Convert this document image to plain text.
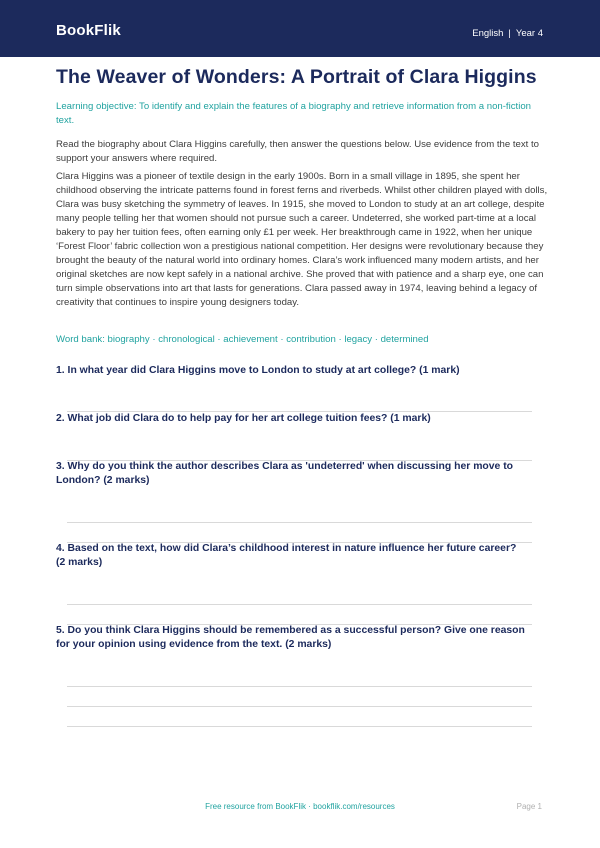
BookFlik	English | Year 4
The Weaver of Wonders: A Portrait of Clara Higgins
Learning objective: To identify and explain the features of a biography and retrieve information from a non-fiction text.
Read the biography about Clara Higgins carefully, then answer the questions below. Use evidence from the text to support your answers where required.
Clara Higgins was a pioneer of textile design in the early 1900s. Born in a small village in 1895, she spent her childhood observing the intricate patterns found in forest ferns and riverbeds. Whilst other children played with dolls, Clara was busy sketching the symmetry of leaves. In 1915, she moved to London to study at an art college, despite many people telling her that women should not pursue such a career. Undeterred, she worked part-time at a local bakery to pay her tuition fees, often earning only £1 per week. Her breakthrough came in 1922, when her unique ‘Forest Floor’ fabric collection won a prestigious national competition. Her designs were revolutionary because they brought the beauty of the natural world into ordinary homes. Clara’s work influenced many modern artists, and her original sketches are now kept safely in a national archive. She proved that with patience and a sharp eye, one can turn simple observations into art that lasts for generations. Clara passed away in 1974, leaving behind a legacy of creativity that continues to inspire young designers today.
Word bank: biography · chronological · achievement · contribution · legacy · determined
1. In what year did Clara Higgins move to London to study at art college? (1 mark)
2. What job did Clara do to help pay for her art college tuition fees? (1 mark)
3. Why do you think the author describes Clara as 'undeterred' when discussing her move to London? (2 marks)
4. Based on the text, how did Clara’s childhood interest in nature influence her future career? (2 marks)
5. Do you think Clara Higgins should be remembered as a successful person? Give one reason for your opinion using evidence from the text. (2 marks)
Free resource from BookFlik · bookflik.com/resources	Page 1
